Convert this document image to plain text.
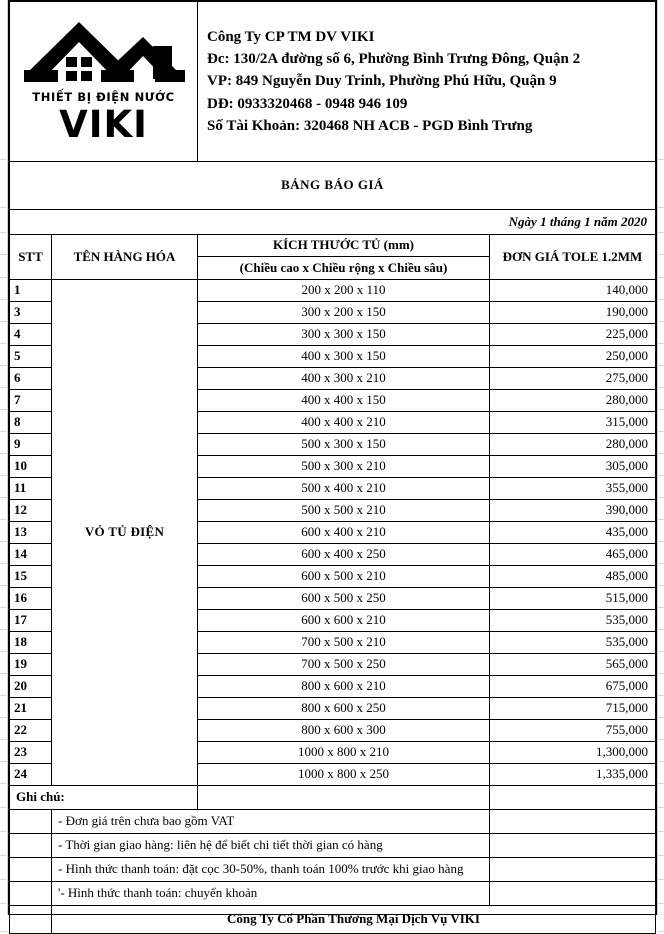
THIẾT BỊ ĐIỆN NƯỚC
VIKI

Công Ty CP TM DV VIKI

Đc: 130/2A đường số 6, Phường Bình Trưng Đông, Quận 2

VP: 849 Nguyễn Duy Trinh, Phường Phú Hữu, Quận 9

DĐ: 0933320468 - 0948 946 109

Số Tài Khoản: 320468 NH ACB - PGD Bình Trưng

BẢNG BÁO GIÁ			
Ngày 1 tháng 1 năm 2020			
STT	TÊN HÀNG HÓA	KÍCH THƯỚC TỦ (mm)	ĐƠN GIÁ TOLE 1.2MM
		(Chiều cao x Chiều rộng x Chiều sâu)	
1	VỎ TỦ ĐIỆN	200 x 200 x 110	140,000
3		300 x 200 x 150	190,000
4		300 x 300 x 150	225,000
5		400 x 300 x 150	250,000
6		400 x 300 x 210	275,000
7		400 x 400 x 150	280,000
8		400 x 400 x 210	315,000
9		500 x 300 x 150	280,000
10		500 x 300 x 210	305,000
11		500 x 400 x 210	355,000
12		500 x 500 x 210	390,000
13		600 x 400 x 210	435,000
14		600 x 400 x 250	465,000
15		600 x 500 x 210	485,000
16		600 x 500 x 250	515,000
17		600 x 600 x 210	535,000
18		700 x 500 x 210	535,000
19		700 x 500 x 250	565,000
20		800 x 600 x 210	675,000
21		800 x 600 x 250	715,000
22		800 x 600 x 300	755,000
23		1000 x 800 x 210	1,300,000
24		1000 x 800 x 250	1,335,000
Ghi chú:			
	- Đơn giá trên chưa bao gồm VAT		
	- Thời gian giao hàng: liên hệ để biết chi tiết thời gian có hàng		
	- Hình thức thanh toán: đặt cọc 30-50%, thanh toán 100% trước khi giao hàng		
	'- Hình thức thanh toán: chuyển khoản		
	Công Ty Cổ Phần Thương Mại Dịch Vụ VIKI		
